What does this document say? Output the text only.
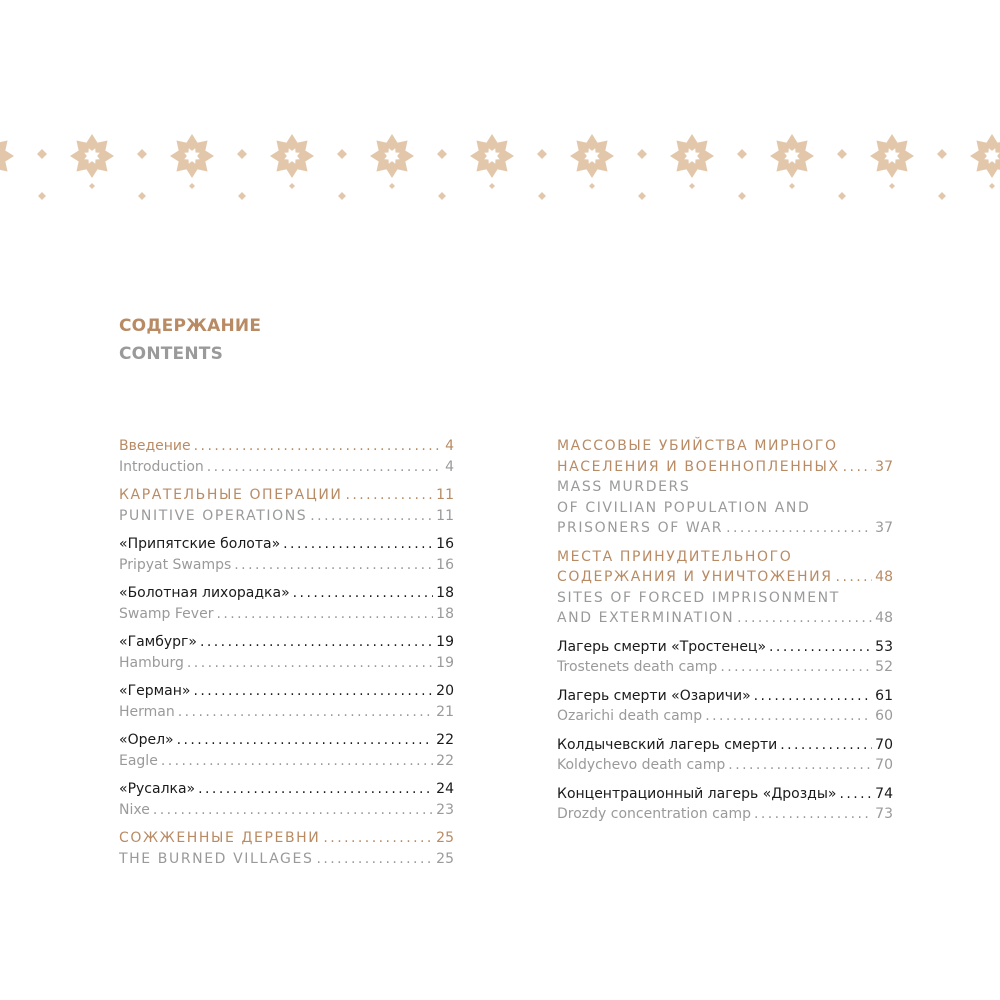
СОДЕРЖАНИЕ
CONTENTS
Введение . . .	4
Introduction . . .	4
КАРАТЕЛЬНЫЕ ОПЕРАЦИИ . . .	11
PUNITIVE OPERATIONS . . .	11
«Припятские болота» . . .	16
Pripyat Swamps . . .	16
«Болотная лихорадка» . . .	18
Swamp Fever . . .	18
«Гамбург» . . .	19
Hamburg . . .	19
«Герман» . . .	20
Herman . . .	21
«Орел» . . .	22
Eagle . . .	22
«Русалка» . . .	24
Nixe . . .	23
СОЖЖЕННЫЕ ДЕРЕВНИ . . .	25
THE BURNED VILLAGES . . .	25
МАССОВЫЕ УБИЙСТВА МИРНОГО
НАСЕЛЕНИЯ И ВОЕННОПЛЕННЫХ . . .	37
MASS MURDERS
OF CIVILIAN POPULATION AND
PRISONERS OF WAR . . .	37
МЕСТА ПРИНУДИТЕЛЬНОГО
СОДЕРЖАНИЯ И УНИЧТОЖЕНИЯ . . .	48
SITES OF FORCED IMPRISONMENT
AND EXTERMINATION . . .	48
Лагерь смерти «Тростенец» . . .	53
Trostenets death camp . . .	52
Лагерь смерти «Озаричи» . . .	61
Ozarichi death camp . . .	60
Колдычевский лагерь смерти . . .	70
Koldychevo death camp . . .	70
Концентрационный лагерь «Дрозды» . . .	74
Drozdy concentration camp . . .	73
